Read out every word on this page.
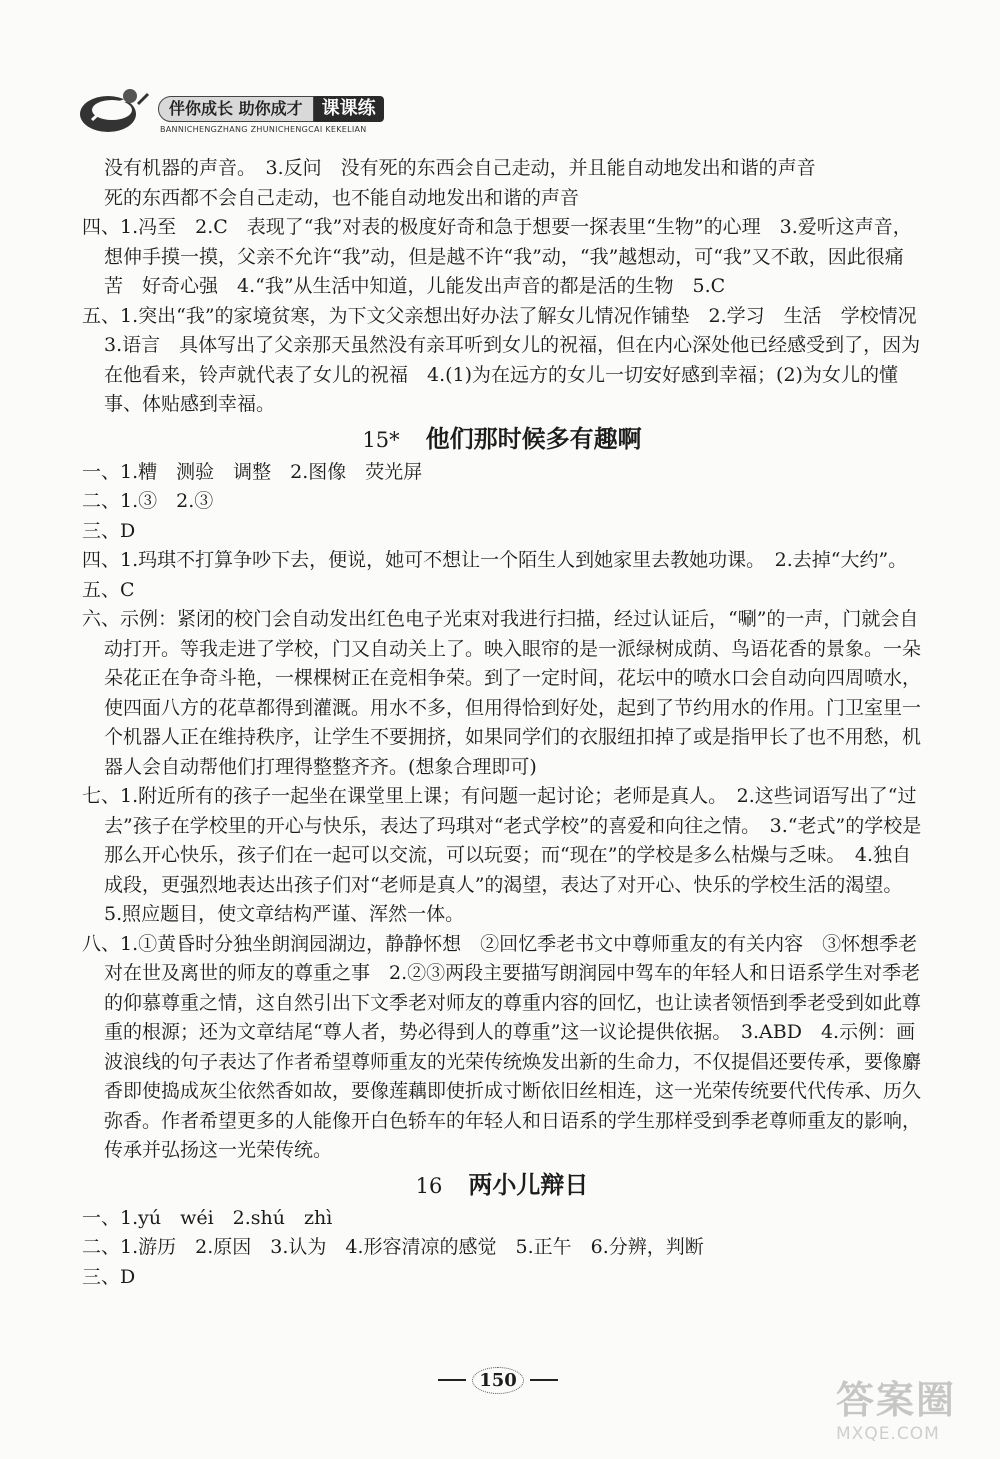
伴你成长 助你成才	课课练
BANNICHENGZHANG ZHUNICHENGCAI KEKELIAN

没有机器的声音。　3.反问　没有死的东西会自己走动，并且能自动地发出和谐的声音

死的东西都不会自己走动，也不能自动地发出和谐的声音

四、1.冯至　2.C　表现了“我”对表的极度好奇和急于想要一探表里“生物”的心理　3.爱听这声音，想伸手摸一摸，父亲不允许“我”动，但是越不许“我”动，“我”越想动，可“我”又不敢，因此很痛苦　好奇心强　4.“我”从生活中知道，儿能发出声音的都是活的生物　5.C

五、1.突出“我”的家境贫寒，为下文父亲想出好办法了解女儿情况作铺垫　2.学习　生活　学校情况　3.语言　具体写出了父亲那天虽然没有亲耳听到女儿的祝福，但在内心深处他已经感受到了，因为在他看来，铃声就代表了女儿的祝福　4.(1)为在远方的女儿一切安好感到幸福；(2)为女儿的懂事、体贴感到幸福。

15* 他们那时候多有趣啊

一、1.糟　测验　调整　2.图像　荧光屏

二、1.③　2.③

三、D

四、1.玛琪不打算争吵下去，便说，她可不想让一个陌生人到她家里去教她功课。　2.去掉“大约”。

五、C

六、示例：紧闭的校门会自动发出红色电子光束对我进行扫描，经过认证后，“唰”的一声，门就会自动打开。等我走进了学校，门又自动关上了。映入眼帘的是一派绿树成荫、鸟语花香的景象。一朵朵花正在争奇斗艳，一棵棵树正在竞相争荣。到了一定时间，花坛中的喷水口会自动向四周喷水，使四面八方的花草都得到灌溉。用水不多，但用得恰到好处，起到了节约用水的作用。门卫室里一个机器人正在维持秩序，让学生不要拥挤，如果同学们的衣服纽扣掉了或是指甲长了也不用愁，机器人会自动帮他们打理得整整齐齐。(想象合理即可)

七、1.附近所有的孩子一起坐在课堂里上课；有问题一起讨论；老师是真人。　2.这些词语写出了“过去”孩子在学校里的开心与快乐，表达了玛琪对“老式学校”的喜爱和向往之情。　3.“老式”的学校是那么开心快乐，孩子们在一起可以交流，可以玩耍；而“现在”的学校是多么枯燥与乏味。　4.独自成段，更强烈地表达出孩子们对“老师是真人”的渴望，表达了对开心、快乐的学校生活的渴望。　5.照应题目，使文章结构严谨、浑然一体。

八、1.①黄昏时分独坐朗润园湖边，静静怀想　②回忆季老书文中尊师重友的有关内容　③怀想季老对在世及离世的师友的尊重之事　2.②③两段主要描写朗润园中驾车的年轻人和日语系学生对季老的仰慕尊重之情，这自然引出下文季老对师友的尊重内容的回忆，也让读者领悟到季老受到如此尊重的根源；还为文章结尾“尊人者，势必得到人的尊重”这一议论提供依据。　3.ABD　4.示例：画波浪线的句子表达了作者希望尊师重友的光荣传统焕发出新的生命力，不仅提倡还要传承，要像麝香即使捣成灰尘依然香如故，要像莲藕即使折成寸断依旧丝相连，这一光荣传统要代代传承、历久弥香。作者希望更多的人能像开白色轿车的年轻人和日语系的学生那样受到季老尊师重友的影响，传承并弘扬这一光荣传统。

16 两小儿辩日

一、1.yú　wéi　2.shú　zhì

二、1.游历　2.原因　3.认为　4.形容清凉的感觉　5.正午　6.分辨，判断

三、D

150	答案圈
MXQE.COM
